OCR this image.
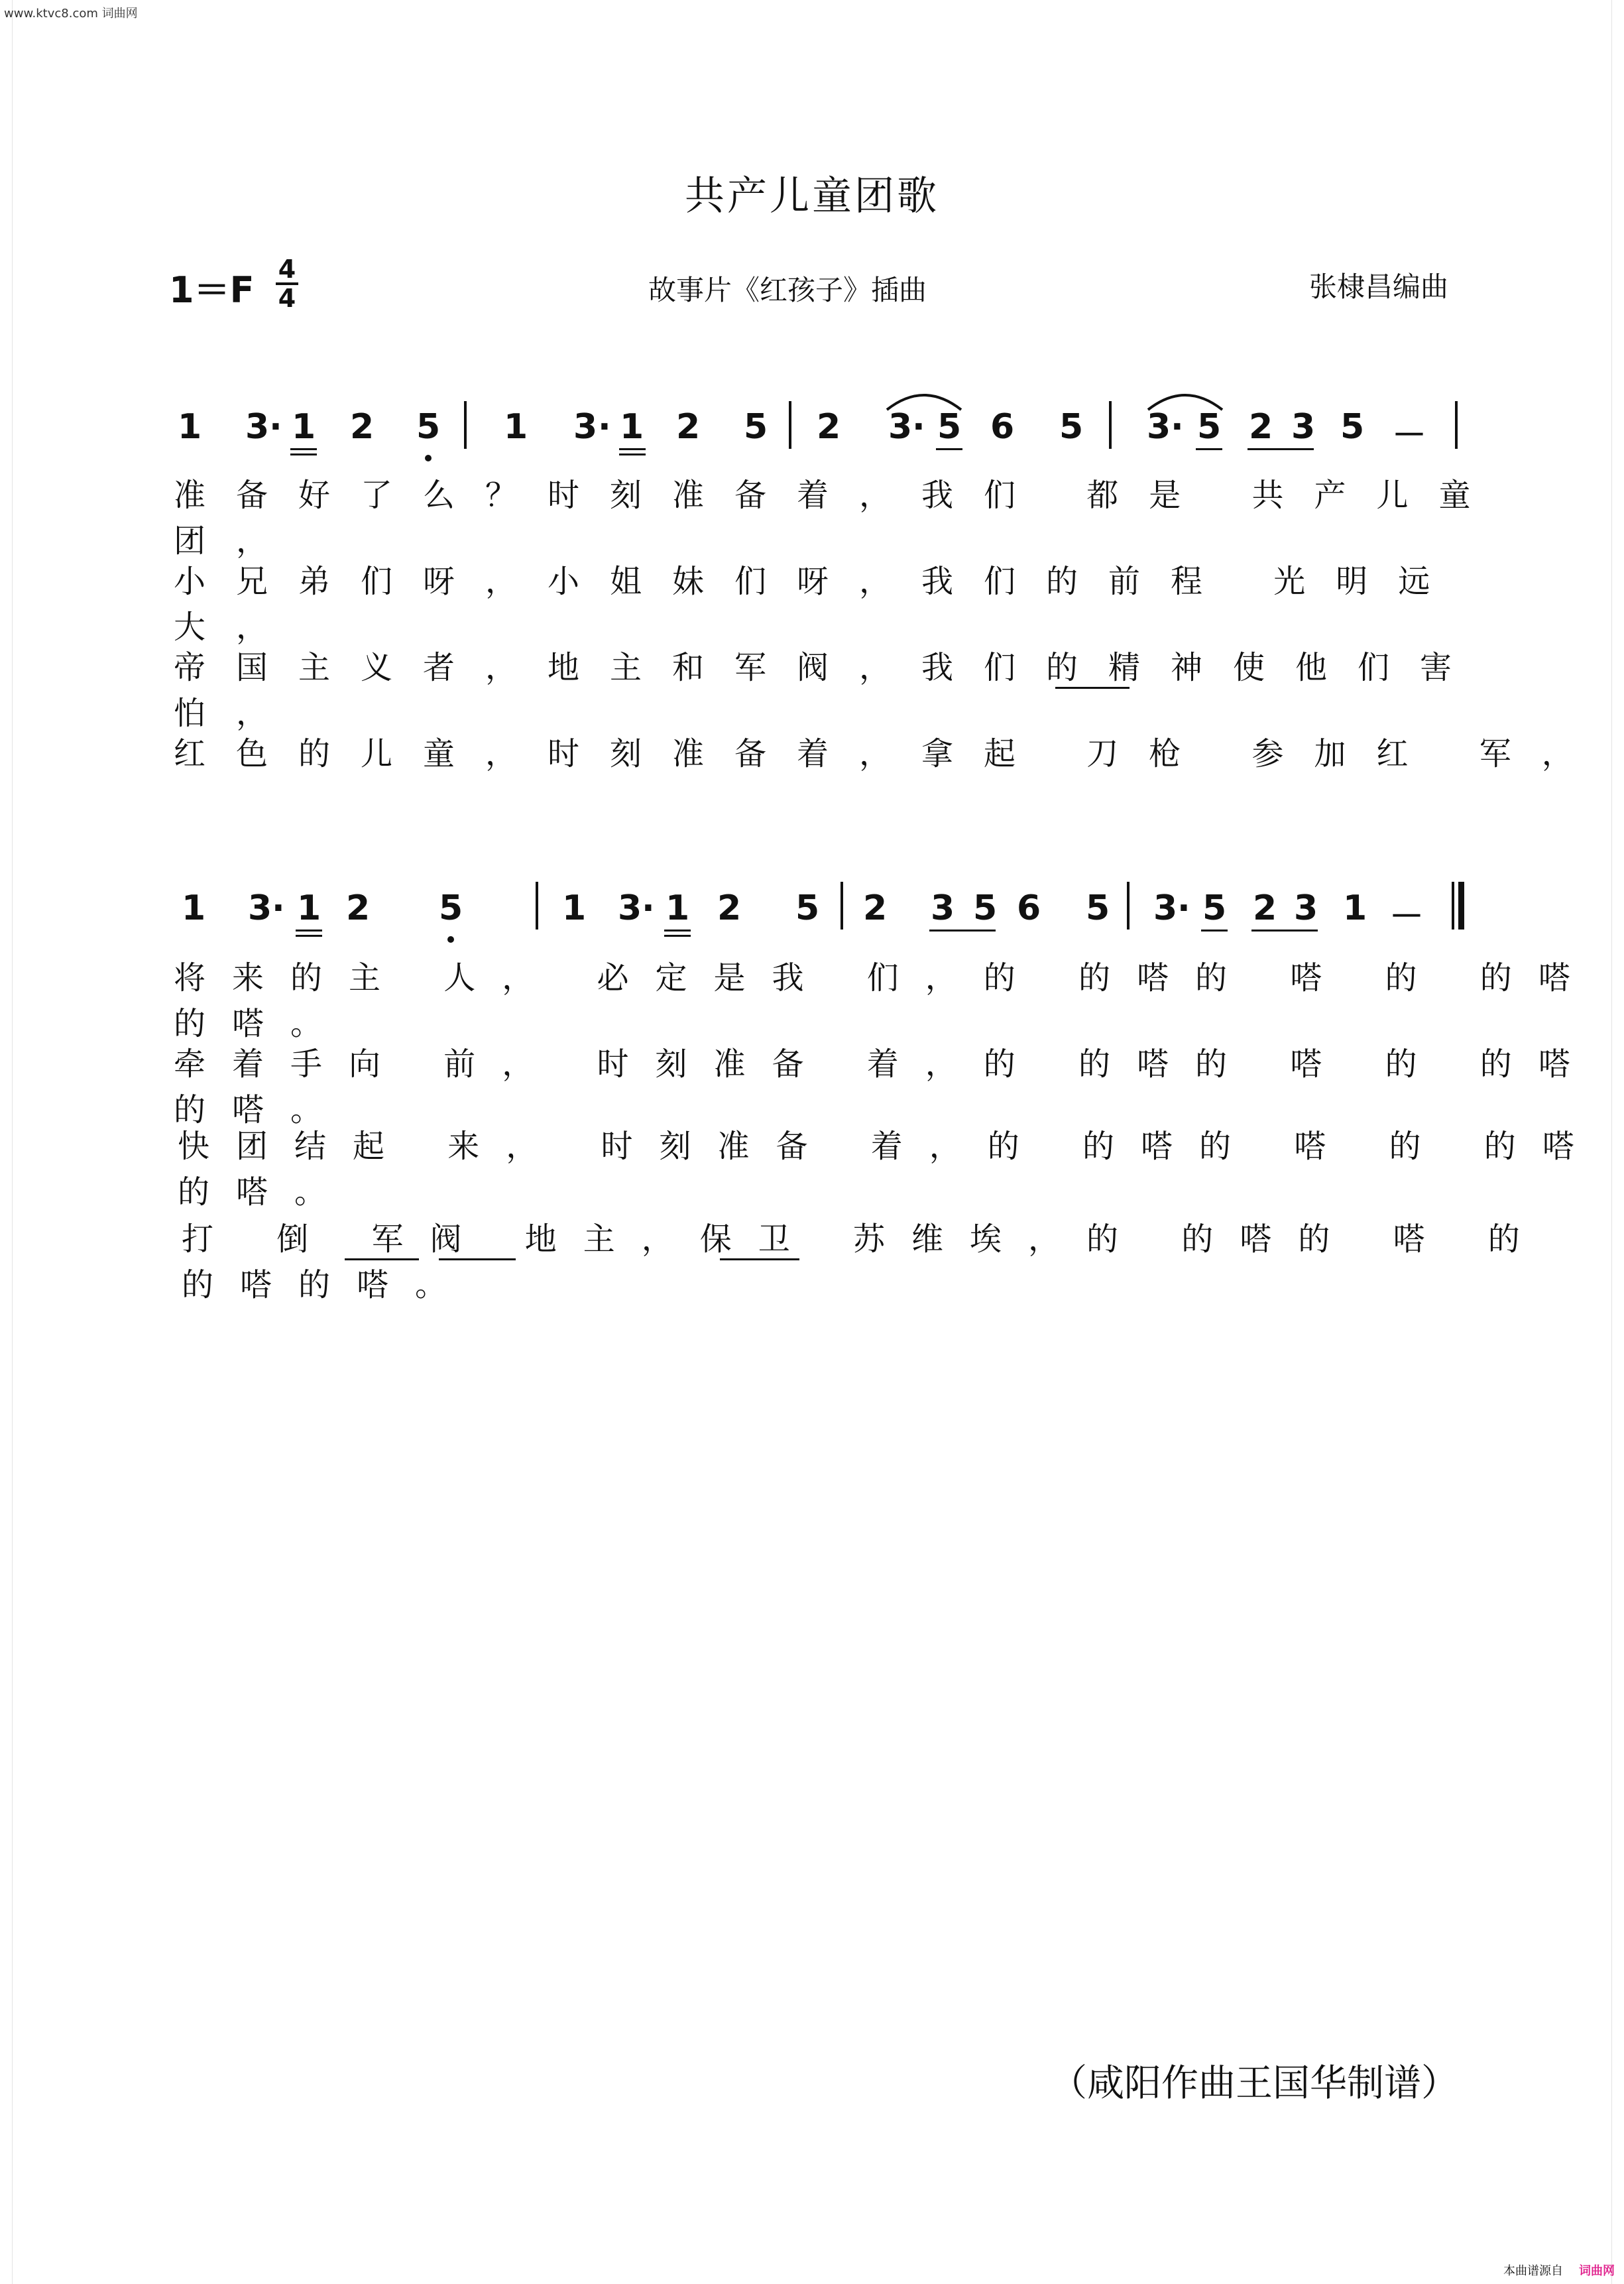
www.ktvc8.com 词曲网
共产儿童团歌
1＝F 4
4	故事片《红孩子》插曲	张棣昌编曲
1 3 · 1 2 5 1 3 · 1 2 5 2 3 · 5 6 5 3 · 5 2 3 5 －
准备好了么？时刻准备着，我们 都是 共产儿童团，
小兄弟们呀，小姐妹们呀，我们的前程 光明远 大，
帝国主义者，地主和军阀，我们的精神使他们害 怕，
红色的儿童，时刻准备着，拿起 刀枪 参加红 军，
1 3 · 1 2 5	1 3 · 1 2 5 2 3 5 6 5 3 · 5 2 3 1 －
将来的主 人， 必定是我 们，的 的嗒的 嗒 的 的嗒的嗒。
牵着手向 前， 时刻准备 着，的 的嗒的 嗒 的 的嗒的嗒。
快团结起 来， 时刻准备 着，的 的嗒的 嗒 的 的嗒的嗒。
打 倒 军阀 地主，保卫 苏维埃，的 的嗒的 嗒 的 的嗒的嗒。
（咸阳作曲王国华制谱）
本曲谱源自 词曲网
